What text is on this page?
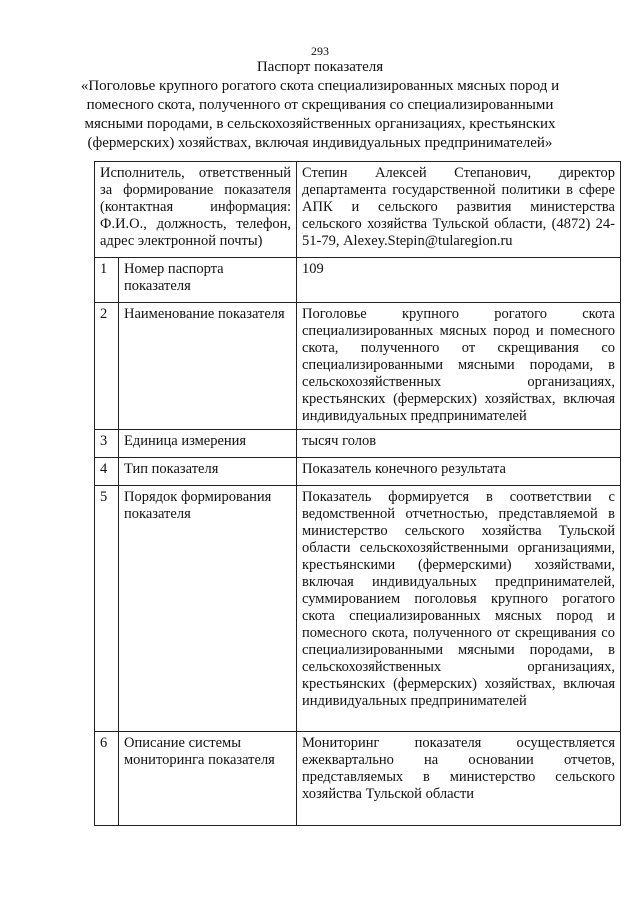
293
Паспорт показателя
«Поголовье крупного рогатого скота специализированных мясных пород и
помесного скота, полученного от скрещивания со специализированными
мясными породами, в сельскохозяйственных организациях, крестьянских
(фермерских) хозяйствах, включая индивидуальных предпринимателей»
Исполнитель, ответственный за формирование показателя (контактная информация: Ф.И.О., должность, телефон, адрес электронной почты)		Степин Алексей Степанович, директор департамента государственной политики в сфере АПК и сельского развития министерства сельского хозяйства Тульской области, (4872) 24-51-79, Alexey.Stepin@tularegion.ru
1	Номер паспорта показателя	109
2	Наименование показателя	Поголовье крупного рогатого скота специализированных мясных пород и помесного скота, полученного от скрещивания со специализированными мясными породами, в сельскохозяйственных организациях, крестьянских (фермерских) хозяйствах, включая индивидуальных предпринимателей
3	Единица измерения	тысяч голов
4	Тип показателя	Показатель конечного результата
5	Порядок формирования показателя	Показатель формируется в соответствии с ведомственной отчетностью, представляемой в министерство сельского хозяйства Тульской области сельскохозяйственными организациями, крестьянскими (фермерскими) хозяйствами, включая индивидуальных предпринимателей, суммированием поголовья крупного рогатого скота специализированных мясных пород и помесного скота, полученного от скрещивания со специализированными мясными породами, в сельскохозяйственных организациях, крестьянских (фермерских) хозяйствах, включая индивидуальных предпринимателей
6	Описание системы мониторинга показателя	Мониторинг показателя осуществляется ежеквартально на основании отчетов, представляемых в министерство сельского хозяйства Тульской области
